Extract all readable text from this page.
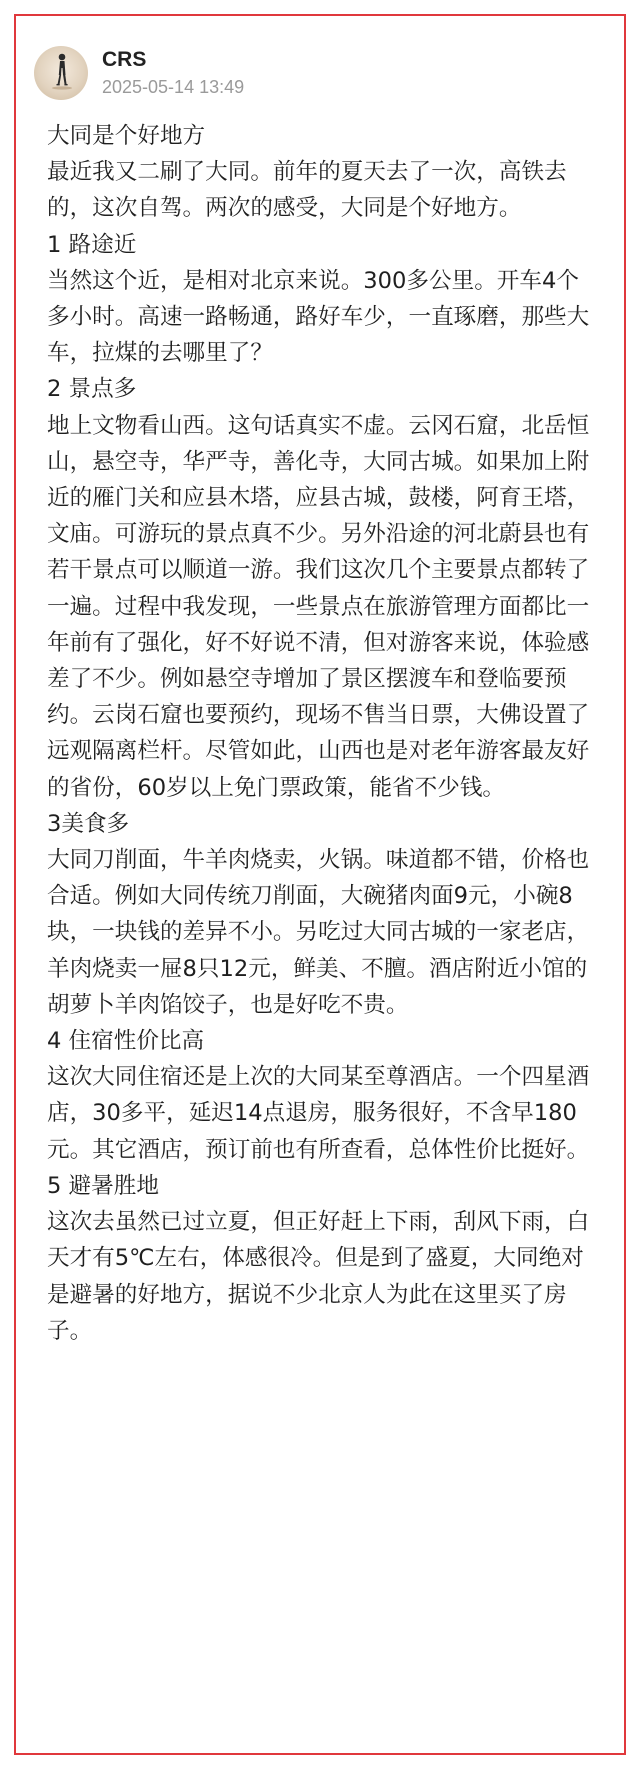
CRS
2025-05-14 13:49

大同是个好地方

最近我又二刷了大同。前年的夏天去了一次，高铁去的，这次自驾。两次的感受，大同是个好地方。

1 路途近

当然这个近，是相对北京来说。300多公里。开车4个多小时。高速一路畅通，路好车少，一直琢磨，那些大车，拉煤的去哪里了？

2 景点多

地上文物看山西。这句话真实不虚。云冈石窟，北岳恒山，悬空寺，华严寺，善化寺，大同古城。如果加上附近的雁门关和应县木塔，应县古城，鼓楼，阿育王塔，文庙。可游玩的景点真不少。另外沿途的河北蔚县也有若干景点可以顺道一游。我们这次几个主要景点都转了一遍。过程中我发现，一些景点在旅游管理方面都比一年前有了强化，好不好说不清，但对游客来说，体验感差了不少。例如悬空寺增加了景区摆渡车和登临要预约。云岗石窟也要预约，现场不售当日票，大佛设置了远观隔离栏杆。尽管如此，山西也是对老年游客最友好的省份，60岁以上免门票政策，能省不少钱。

3美食多

大同刀削面，牛羊肉烧卖，火锅。味道都不错，价格也合适。例如大同传统刀削面，大碗猪肉面9元，小碗8块，一块钱的差异不小。另吃过大同古城的一家老店，羊肉烧卖一屉8只12元，鲜美、不膻。酒店附近小馆的胡萝卜羊肉馅饺子，也是好吃不贵。

4 住宿性价比高

这次大同住宿还是上次的大同某至尊酒店。一个四星酒店，30多平，延迟14点退房，服务很好，不含早180元。其它酒店，预订前也有所查看，总体性价比挺好。

5 避暑胜地

这次去虽然已过立夏，但正好赶上下雨，刮风下雨，白天才有5℃左右，体感很冷。但是到了盛夏，大同绝对是避暑的好地方，据说不少北京人为此在这里买了房子。
